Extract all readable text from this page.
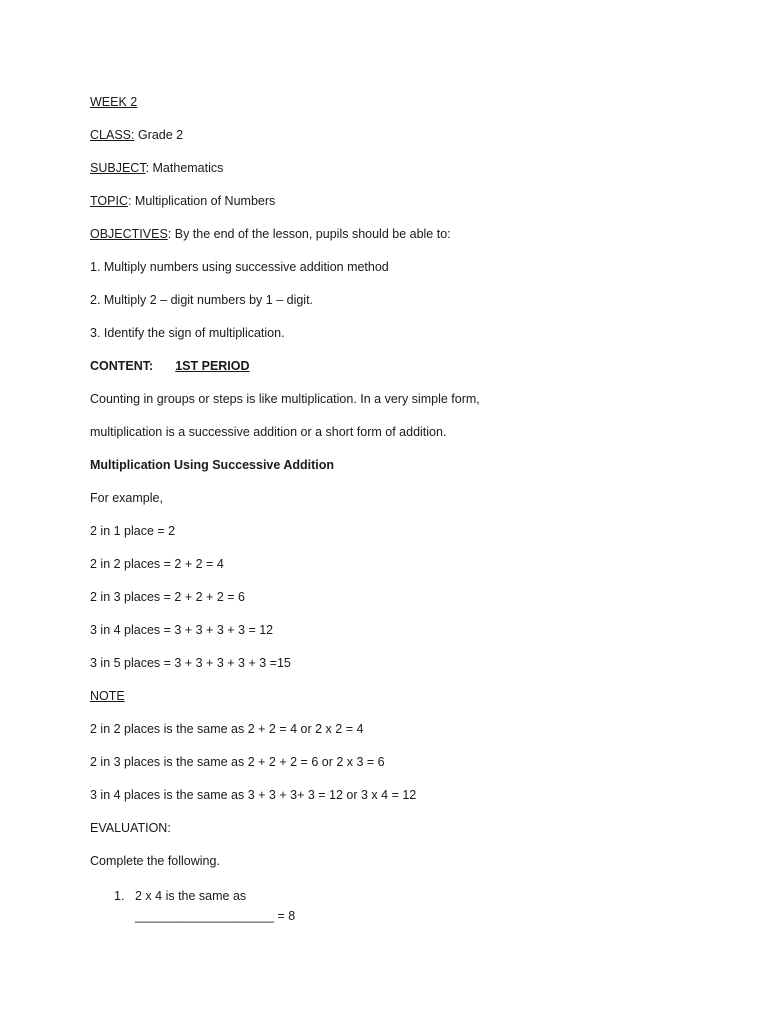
WEEK 2
CLASS: Grade 2
SUBJECT: Mathematics
TOPIC: Multiplication of Numbers
OBJECTIVES: By the end of the lesson, pupils should be able to:
1. Multiply numbers using successive addition method
2. Multiply 2 – digit numbers by 1 – digit.
3. Identify the sign of multiplication.
CONTENT: 1ST PERIOD
Counting in groups or steps is like multiplication. In a very simple form,
multiplication is a successive addition or a short form of addition.
Multiplication Using Successive Addition
For example,
2 in 1 place = 2
2 in 2 places = 2 + 2 = 4
2 in 3 places = 2 + 2 + 2 = 6
3 in 4 places = 3 + 3 + 3 + 3 = 12
3 in 5 places = 3 + 3 + 3 + 3 + 3 =15
NOTE
2 in 2 places is the same as 2 + 2 = 4 or 2 x 2 = 4
2 in 3 places is the same as 2 + 2 + 2 = 6 or 2 x 3 = 6
3 in 4 places is the same as 3 + 3 + 3+ 3 = 12 or 3 x 4 = 12
EVALUATION:
Complete the following.
1. 2 x 4 is the same as
____________________ = 8
